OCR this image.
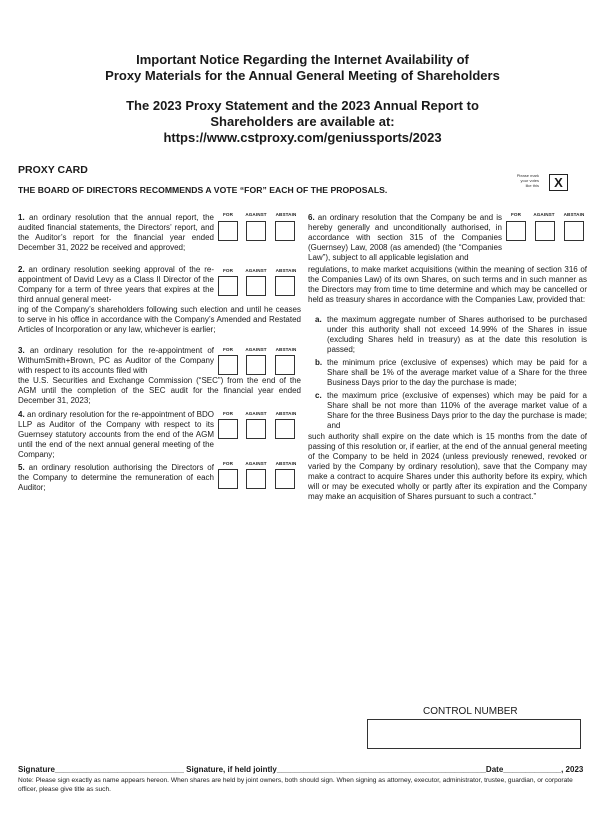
Important Notice Regarding the Internet Availability of
Proxy Materials for the Annual General Meeting of Shareholders
The 2023 Proxy Statement and the 2023 Annual Report to
Shareholders are available at:
https://www.cstproxy.com/geniussports/2023
PROXY CARD
THE BOARD OF DIRECTORS RECOMMENDS A VOTE “FOR” EACH OF THE PROPOSALS.
Please mark
your votes
like this	X
1. an ordinary resolution that the annual report, the audited financial statements, the Directors’ report, and the Auditor’s report for the financial year ended December 31, 2022 be received and approved;
FOR	AGAINST	ABSTAIN
2. an ordinary resolution seeking approval of the re-appointment of David Levy as a Class II Director of the Company for a term of three years that expires at the third annual general meet-
ing of the Company’s shareholders following such election and until he ceases to serve in his office in accordance with the Company’s Amended and Restated Articles of Incorporation or any law, whichever is earlier;
FOR	AGAINST	ABSTAIN
3. an ordinary resolution for the re-appointment of WithumSmith+Brown, PC as Auditor of the Company with respect to its accounts filed with
the U.S. Securities and Exchange Commission (“SEC”) from the end of the AGM until the completion of the SEC audit for the financial year ended December 31, 2023;
FOR	AGAINST	ABSTAIN
4. an ordinary resolution for the re-appointment of BDO LLP as Auditor of the Company with respect to its Guernsey statutory accounts from the end of the AGM until the end of the next annual general meeting of the Company;
FOR	AGAINST	ABSTAIN
5. an ordinary resolution authorising the Directors of the Company to determine the remuneration of each Auditor;
FOR	AGAINST	ABSTAIN
6. an ordinary resolution that the Company be and is hereby generally and unconditionally authorised, in accordance with section 315 of the Companies (Guernsey) Law, 2008 (as amended) (the “Companies Law”), subject to all applicable legislation and
regulations, to make market acquisitions (within the meaning of section 316 of the Companies Law) of its own Shares, on such terms and in such manner as the Directors may from time to time determine and which may be cancelled or held as treasury shares in accordance with the Companies Law, provided that:
FOR	AGAINST	ABSTAIN
a. the maximum aggregate number of Shares authorised to be purchased under this authority shall not exceed 14.99% of the Shares in issue (excluding Shares held in treasury) as at the date this resolution is passed;
b. the minimum price (exclusive of expenses) which may be paid for a Share shall be 1% of the average market value of a Share for the three Business Days prior to the day the purchase is made;
c. the maximum price (exclusive of expenses) which may be paid for a Share shall be not more than 110% of the average market value of a Share for the three Business Days prior to the day the purchase is made; and
such authority shall expire on the date which is 15 months from the date of passing of this resolution or, if earlier, at the end of the annual general meeting of the Company to be held in 2024 (unless previously renewed, revoked or varied by the Company by ordinary resolution), save that the Company may make a contract to acquire Shares under this authority before its expiry, which will or may be executed wholly or partly after its expiration and the Company may make an acquisition of Shares pursuant to such a contract.”
CONTROL NUMBER
Signature_____________________________ Signature, if held jointly_______________________________________________Date_____________, 2023
Note: Please sign exactly as name appears hereon. When shares are held by joint owners, both should sign. When signing as attorney, executor, administrator, trustee, guardian, or corporate officer, please give title as such.
